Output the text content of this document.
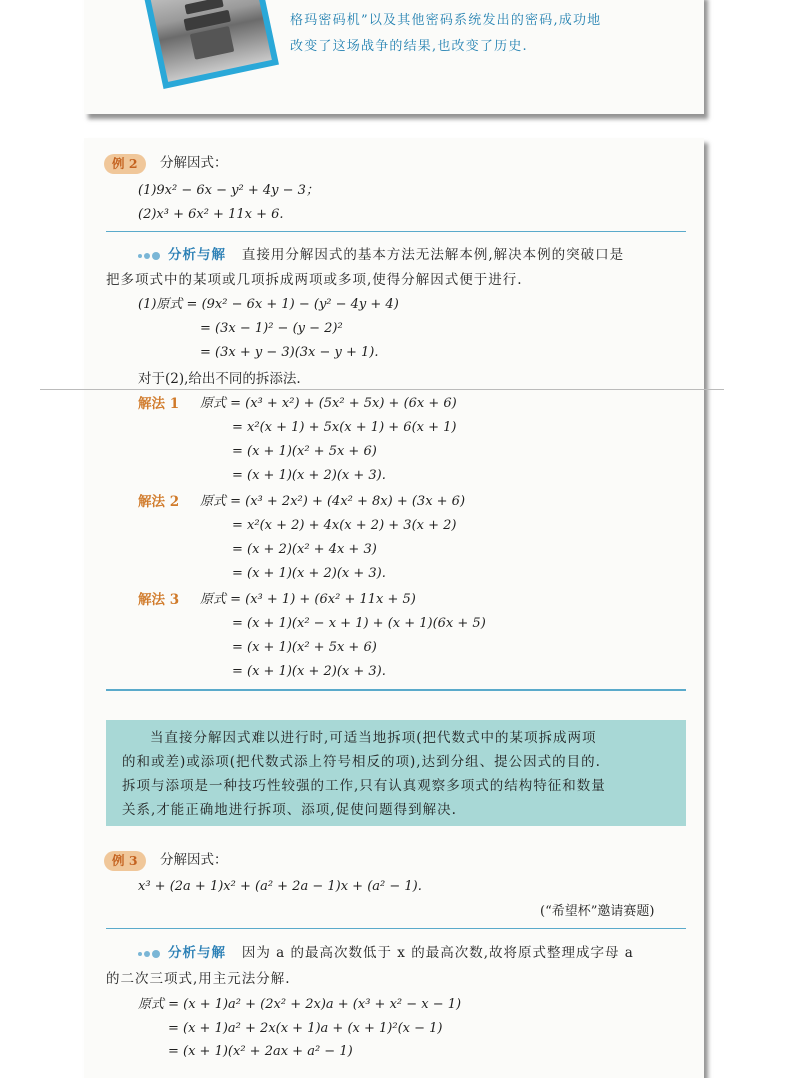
格玛密码机”以及其他密码系统发出的密码,成功地
改变了这场战争的结果,也改变了历史.
例 2	分解因式：
(1)9x² − 6x − y² + 4y − 3；
(2)x³ + 6x² + 11x + 6.
分析与解 直接用分解因式的基本方法无法解本例,解决本例的突破口是
把多项式中的某项或几项拆成两项或多项,使得分解因式便于进行.
(1)原式 = (9x² − 6x + 1) − (y² − 4y + 4)
= (3x − 1)² − (y − 2)²
= (3x + y − 3)(3x − y + 1).
对于(2),给出不同的拆添法.
解法 1 原式 = (x³ + x²) + (5x² + 5x) + (6x + 6)
= x²(x + 1) + 5x(x + 1) + 6(x + 1)
= (x + 1)(x² + 5x + 6)
= (x + 1)(x + 2)(x + 3).
解法 2 原式 = (x³ + 2x²) + (4x² + 8x) + (3x + 6)
= x²(x + 2) + 4x(x + 2) + 3(x + 2)
= (x + 2)(x² + 4x + 3)
= (x + 1)(x + 2)(x + 3).
解法 3 原式 = (x³ + 1) + (6x² + 11x + 5)
= (x + 1)(x² − x + 1) + (x + 1)(6x + 5)
= (x + 1)(x² + 5x + 6)
= (x + 1)(x + 2)(x + 3).
当直接分解因式难以进行时,可适当地拆项(把代数式中的某项拆成两项
的和或差)或添项(把代数式添上符号相反的项),达到分组、提公因式的目的.
拆项与添项是一种技巧性较强的工作,只有认真观察多项式的结构特征和数量
关系,才能正确地进行拆项、添项,促使问题得到解决.
例 3	分解因式：
x³ + (2a + 1)x² + (a² + 2a − 1)x + (a² − 1).
(“希望杯”邀请赛题)
分析与解 因为 a 的最高次数低于 x 的最高次数,故将原式整理成字母 a
的二次三项式,用主元法分解.
原式 = (x + 1)a² + (2x² + 2x)a + (x³ + x² − x − 1)
= (x + 1)a² + 2x(x + 1)a + (x + 1)²(x − 1)
= (x + 1)(x² + 2ax + a² − 1)
